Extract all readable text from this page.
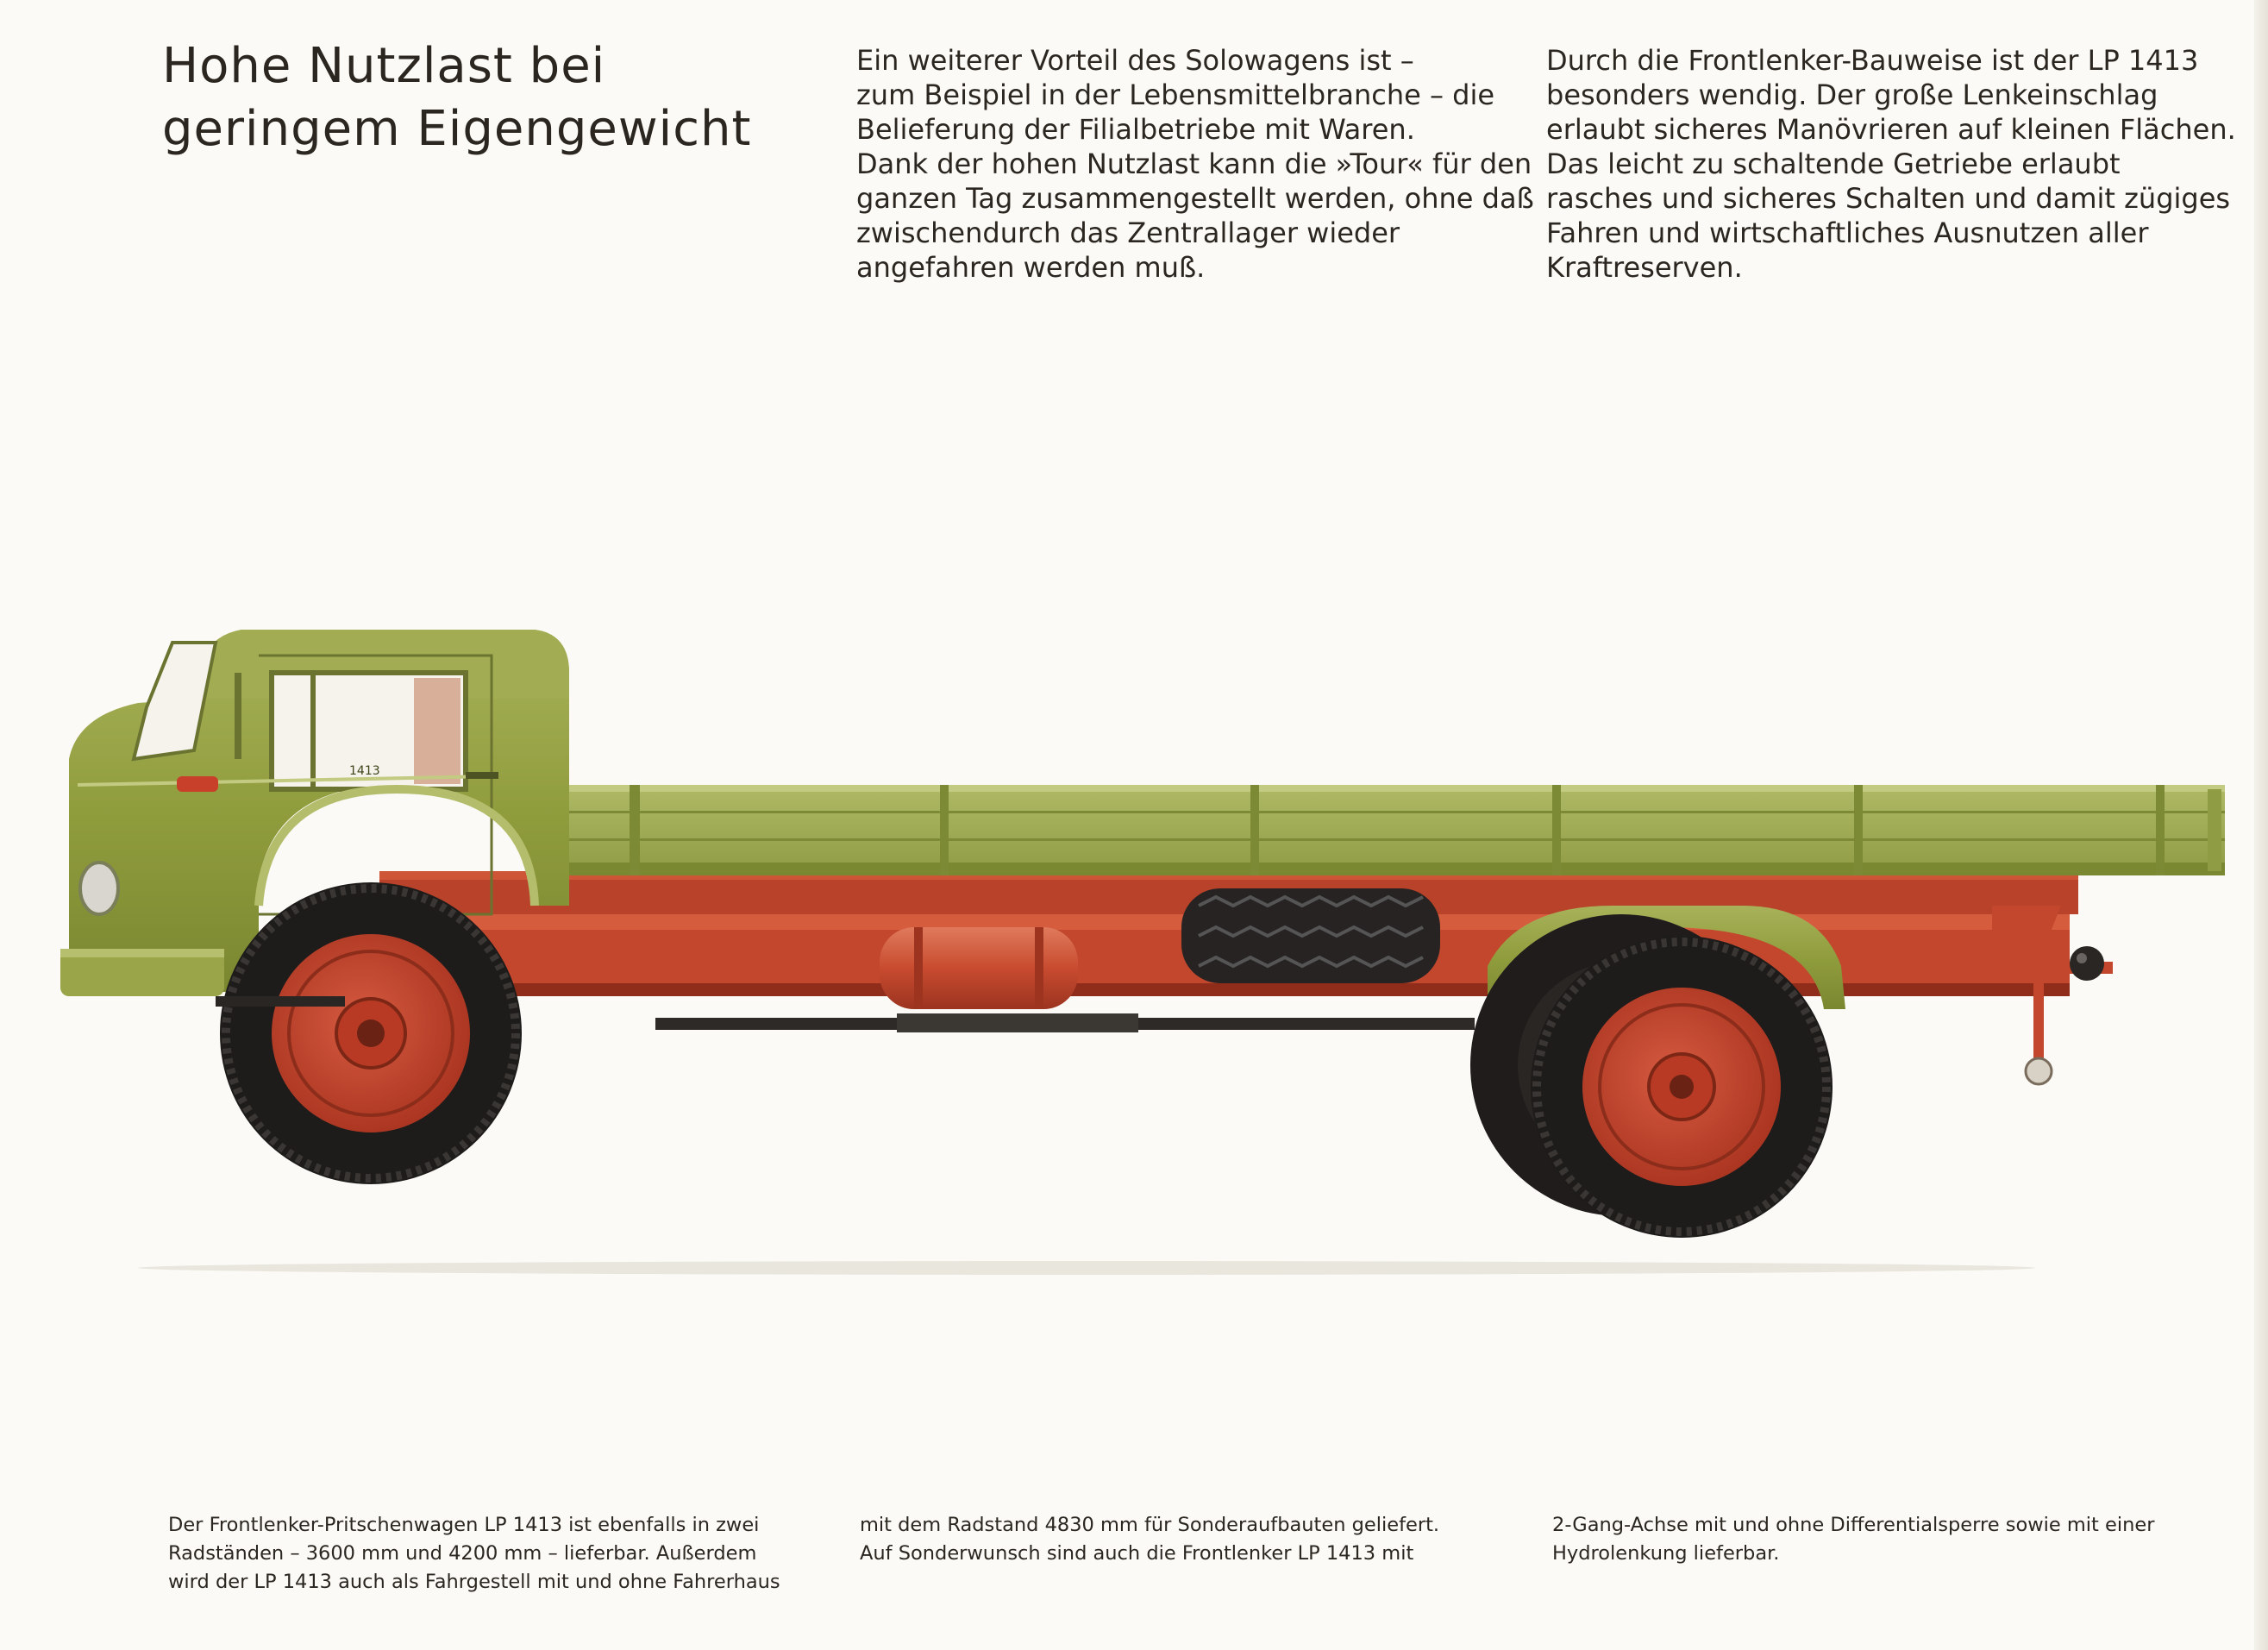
Hohe Nutzlast bei
geringem Eigengewicht
Ein weiterer Vorteil des Solowagens ist –
zum Beispiel in der Lebensmittelbranche – die
Belieferung der Filialbetriebe mit Waren.
Dank der hohen Nutzlast kann die »Tour« für den
ganzen Tag zusammengestellt werden, ohne daß
zwischendurch das Zentrallager wieder
angefahren werden muß.
Durch die Frontlenker-Bauweise ist der LP 1413
besonders wendig. Der große Lenkeinschlag
erlaubt sicheres Manövrieren auf kleinen Flächen.
Das leicht zu schaltende Getriebe erlaubt
rasches und sicheres Schalten und damit zügiges
Fahren und wirtschaftliches Ausnutzen aller
Kraftreserven.
1413
Der Frontlenker-Pritschenwagen LP 1413 ist ebenfalls in zwei
Radständen – 3600 mm und 4200 mm – lieferbar. Außerdem
wird der LP 1413 auch als Fahrgestell mit und ohne Fahrerhaus
mit dem Radstand 4830 mm für Sonderaufbauten geliefert.
Auf Sonderwunsch sind auch die Frontlenker LP 1413 mit
2-Gang-Achse mit und ohne Differentialsperre sowie mit einer
Hydrolenkung lieferbar.
